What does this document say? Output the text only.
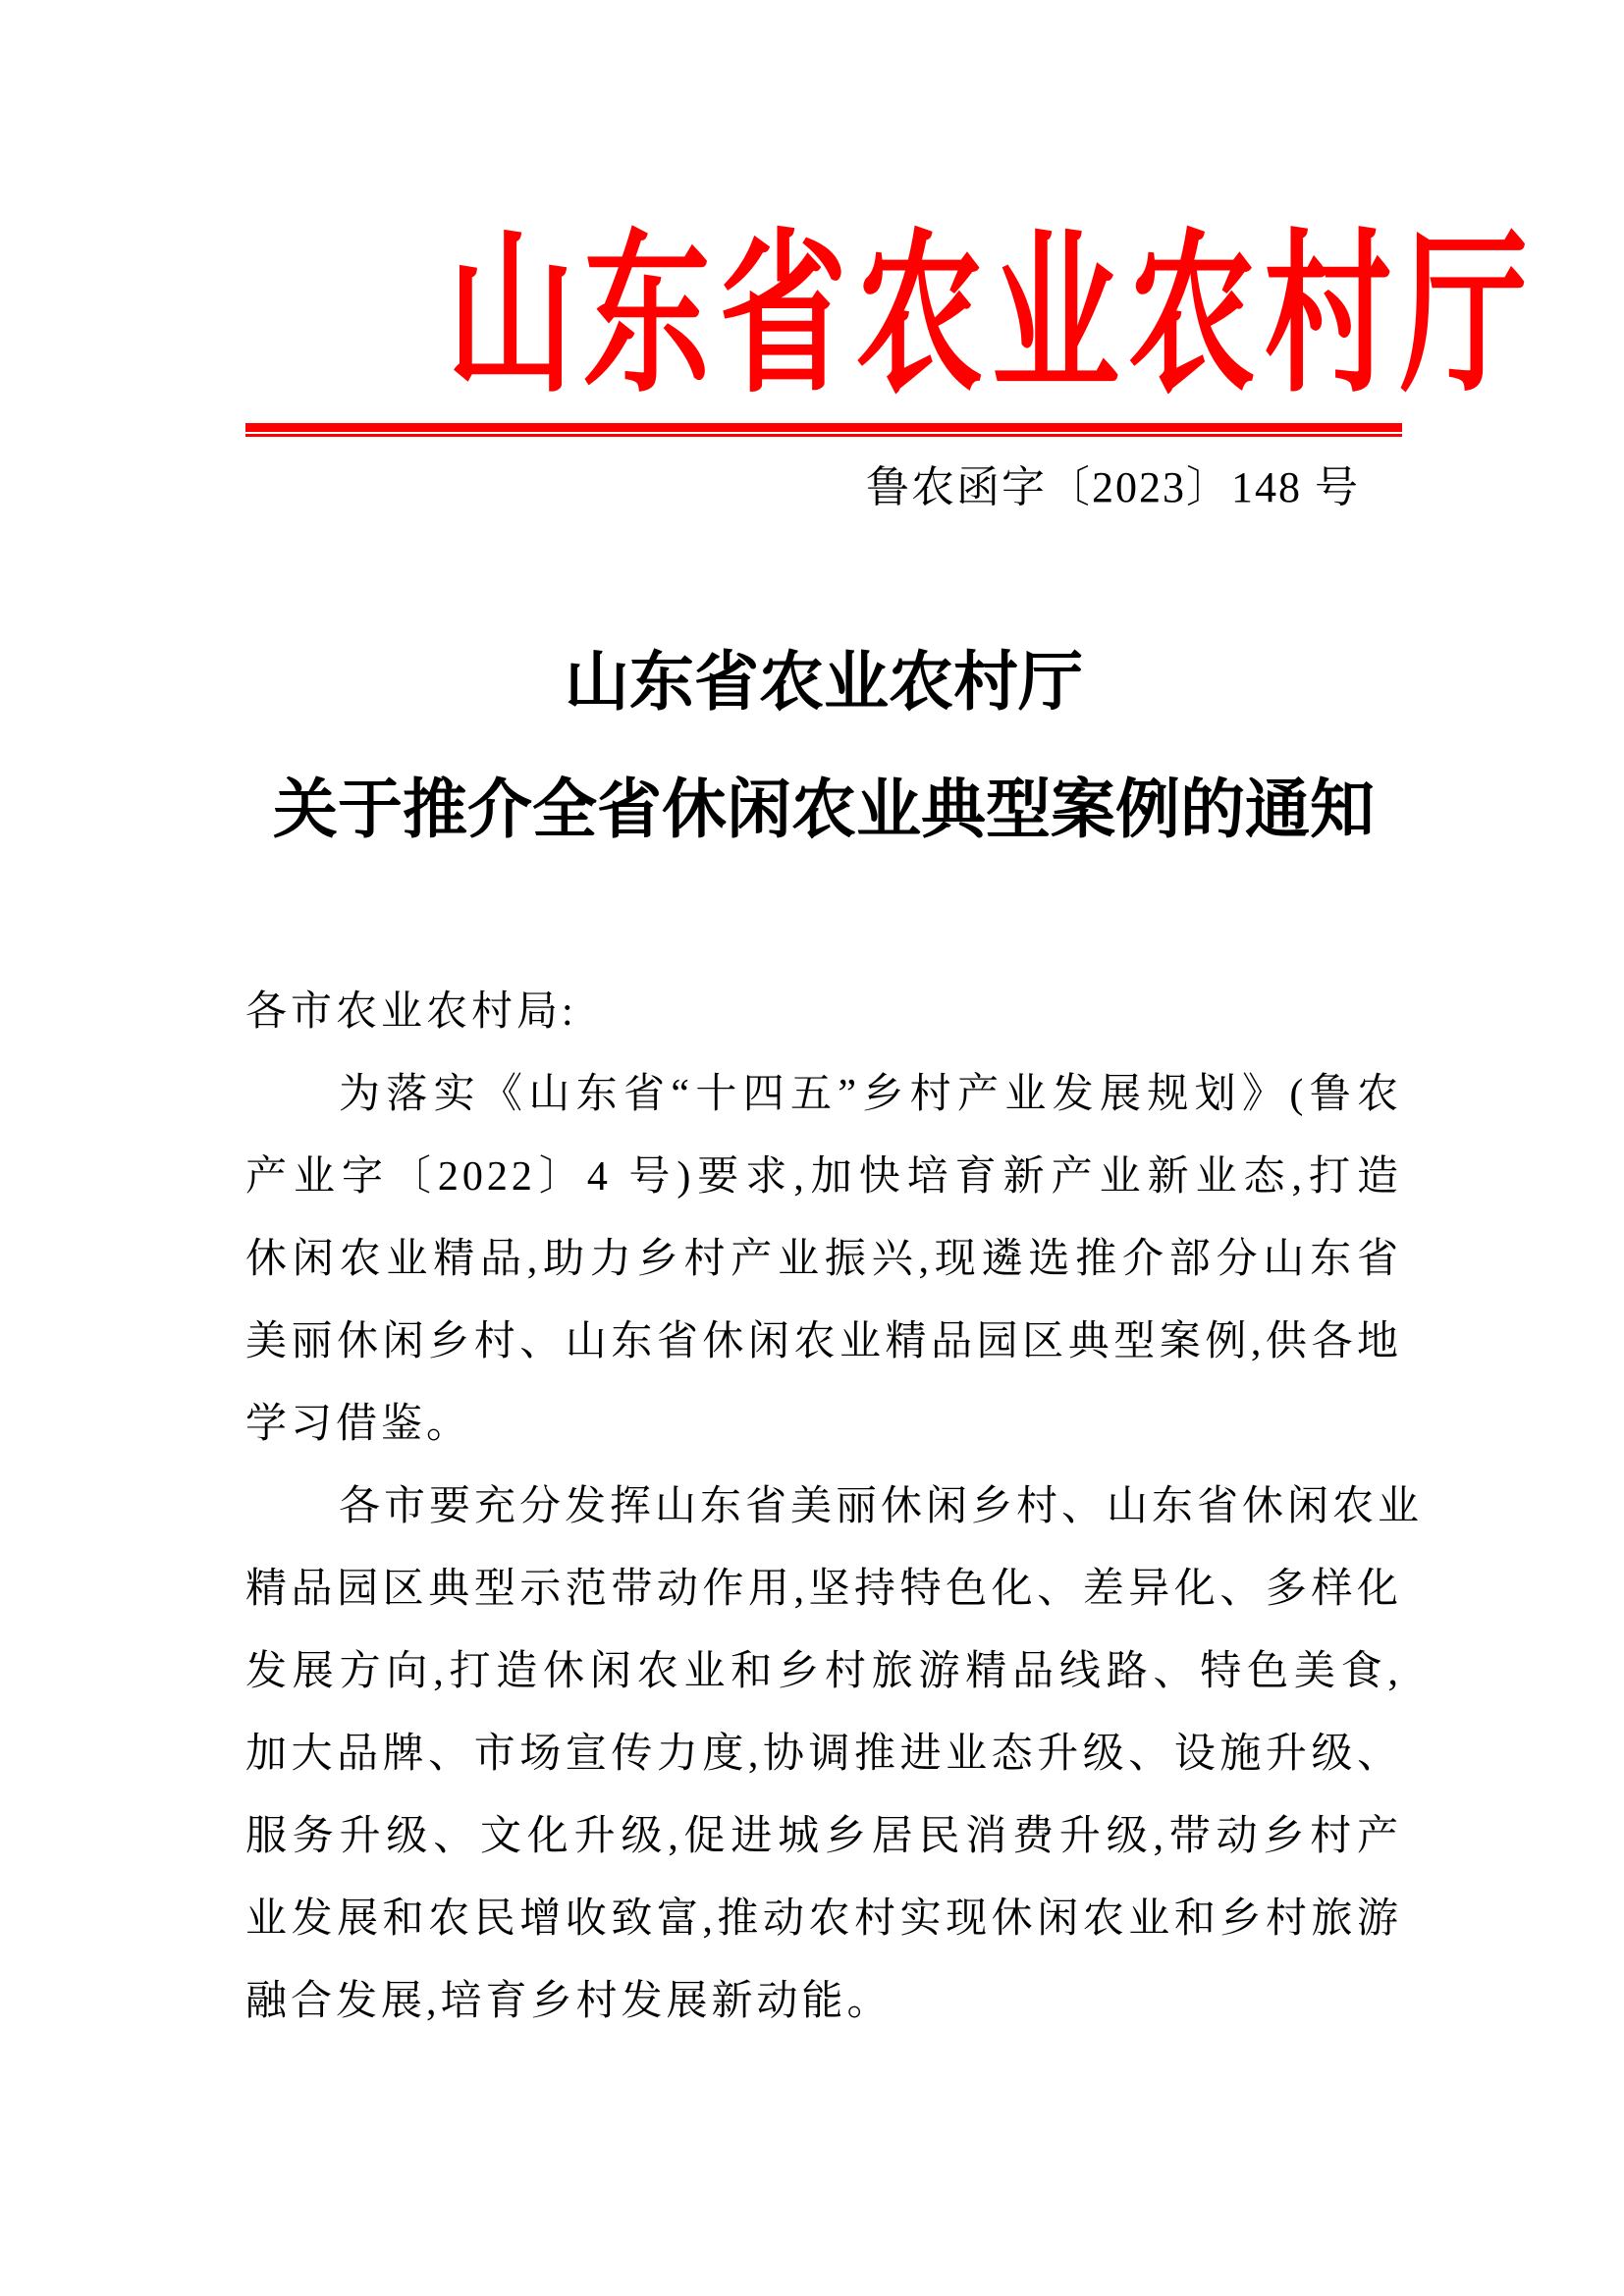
山东省农业农村厅
鲁农函字〔2023〕148 号
山东省农业农村厅
关于推介全省休闲农业典型案例的通知
各市农业农村局:
为落实《山东省“十四五”乡村产业发展规划》(鲁农
产业字〔2022〕4 号)要求,加快培育新产业新业态,打造
休闲农业精品,助力乡村产业振兴,现遴选推介部分山东省
美丽休闲乡村、山东省休闲农业精品园区典型案例,供各地
学习借鉴。
各市要充分发挥山东省美丽休闲乡村、山东省休闲农业
精品园区典型示范带动作用,坚持特色化、差异化、多样化
发展方向,打造休闲农业和乡村旅游精品线路、特色美食,
加大品牌、市场宣传力度,协调推进业态升级、设施升级、
服务升级、文化升级,促进城乡居民消费升级,带动乡村产
业发展和农民增收致富,推动农村实现休闲农业和乡村旅游
融合发展,培育乡村发展新动能。
